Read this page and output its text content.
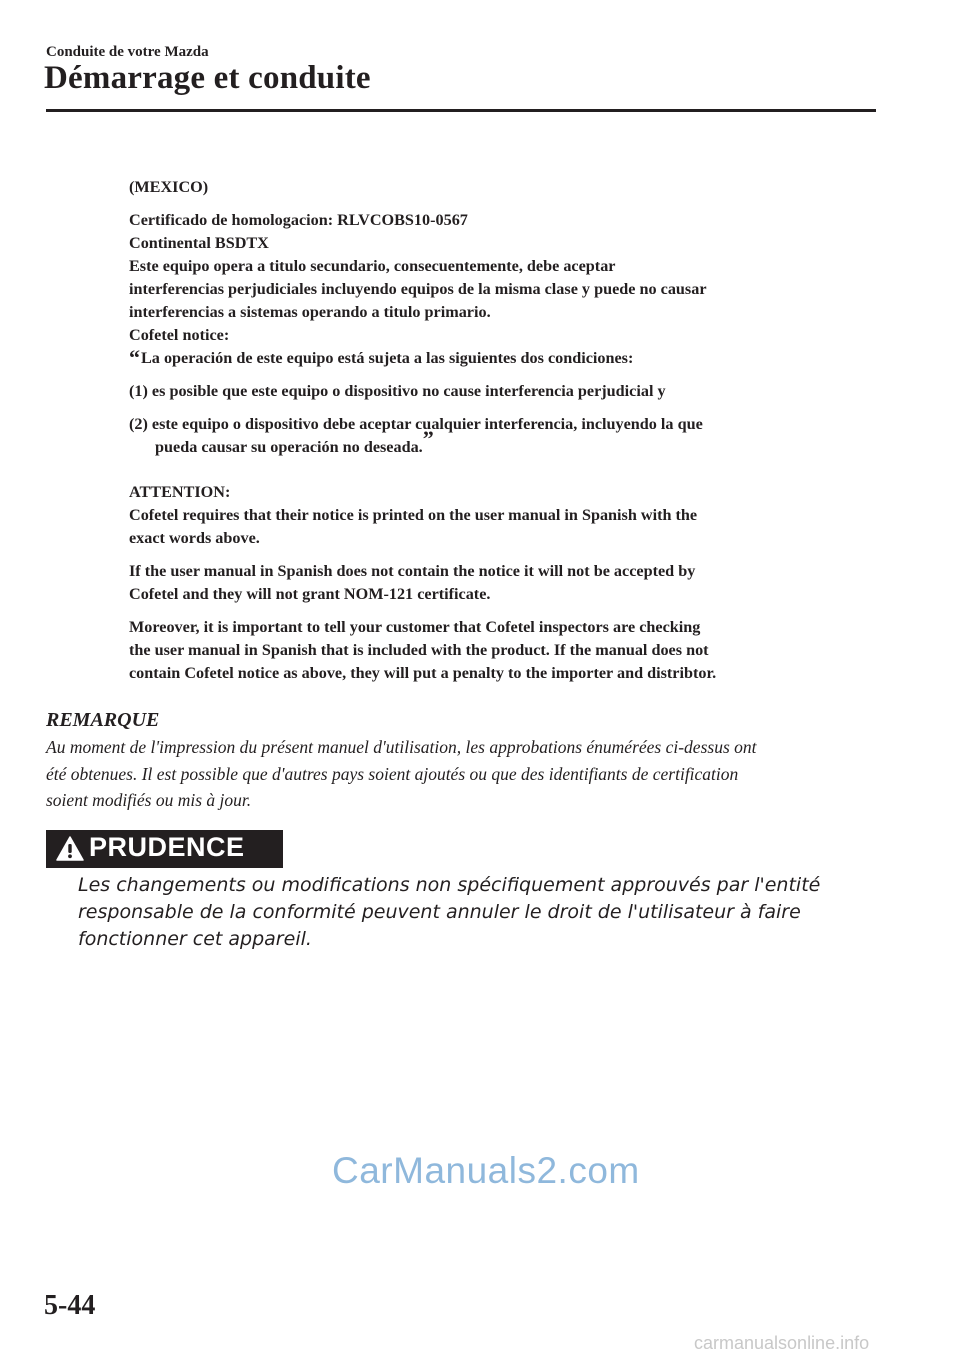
Conduite de votre Mazda
Démarrage et conduite
(MEXICO)
Certificado de homologacion: RLVCOBS10-0567
Continental BSDTX
Este equipo opera a titulo secundario, consecuentemente, debe aceptar
interferencias perjudiciales incluyendo equipos de la misma clase y puede no causar
interferencias a sistemas operando a titulo primario.
Cofetel notice:
“La operación de este equipo está sujeta a las siguientes dos condiciones:
(1) es posible que este equipo o dispositivo no cause interferencia perjudicial y
(2) este equipo o dispositivo debe aceptar cualquier interferencia, incluyendo la que
pueda causar su operación no deseada.”
ATTENTION:
Cofetel requires that their notice is printed on the user manual in Spanish with the
exact words above.
If the user manual in Spanish does not contain the notice it will not be accepted by
Cofetel and they will not grant NOM-121 certificate.
Moreover, it is important to tell your customer that Cofetel inspectors are checking
the user manual in Spanish that is included with the product. If the manual does not
contain Cofetel notice as above, they will put a penalty to the importer and distribtor.
REMARQUE
Au moment de l'impression du présent manuel d'utilisation, les approbations énumérées ci-dessus ont
été obtenues. Il est possible que d'autres pays soient ajoutés ou que des identifiants de certification
soient modifiés ou mis à jour.
PRUDENCE
Les changements ou modifications non spécifiquement approuvés par l'entité
responsable de la conformité peuvent annuler le droit de l'utilisateur à faire
fonctionner cet appareil.
CarManuals2.com
5-44
carmanualsonline.info
